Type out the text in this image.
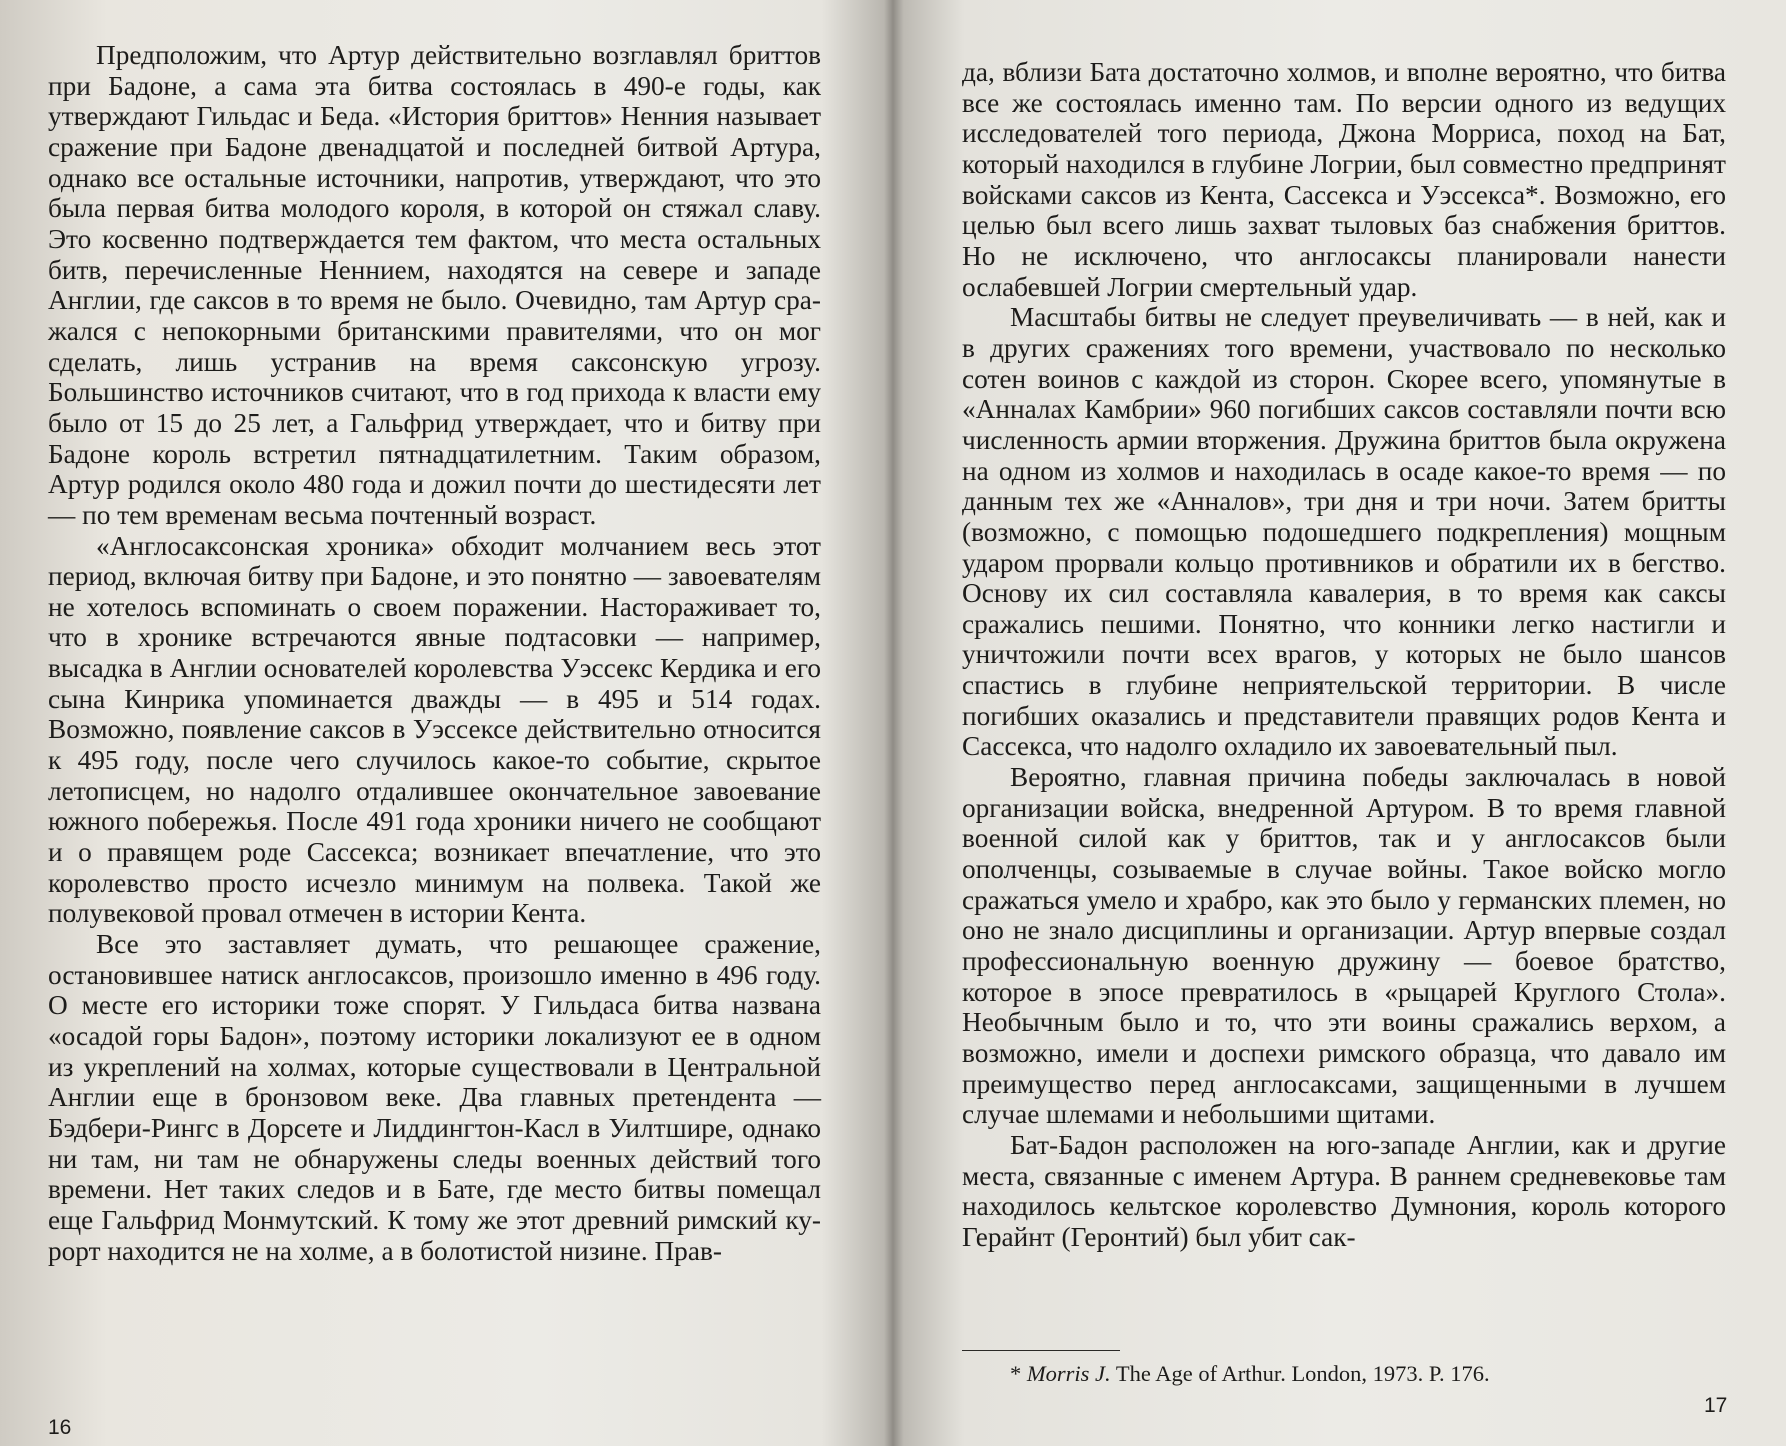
Предположим, что Артур действительно возглавлял бриттов при Бадоне, а сама эта битва состоялась в 490-е годы, как утверждают Гильдас и Беда. «История бриттов» Ненния называет сражение при Бадоне двенадцатой и последней битвой Артура, однако все остальные источники, напротив, утверждают, что это была первая битва молодого короля, в которой он стяжал славу. Это косвенно подтверждается тем фактом, что места остальных битв, перечисленные Неннием, находятся на севере и западе Англии, где саксов в то время не было. Очевидно, там Артур сражался с непокорными британскими правителями, что он мог сделать, лишь устранив на время саксонскую угрозу. Большинство источников считают, что в год прихода к власти ему было от 15 до 25 лет, а Гальфрид утверждает, что и битву при Бадоне король встретил пятнадцатилетним. Таким образом, Артур родился около 480 года и дожил почти до шестидесяти лет — по тем временам весьма почтенный возраст.

«Англосаксонская хроника» обходит молчанием весь этот период, включая битву при Бадоне, и это понятно — завоевателям не хотелось вспоминать о своем поражении. Настораживает то, что в хронике встречаются явные подтасовки — например, высадка в Англии основателей королевства Уэссекс Кердика и его сына Кинрика упоминается дважды — в 495 и 514 годах. Возможно, появление саксов в Уэссексе действительно относится к 495 году, после чего случилось какое-то событие, скрытое летописцем, но надолго отдалившее окончательное завоевание южного побережья. После 491 года хроники ничего не сообщают и о правящем роде Сассекса; возникает впечатление, что это королевство просто исчезло минимум на полвека. Такой же полувековой провал отмечен в истории Кента.

Все это заставляет думать, что решающее сражение, остановившее натиск англосаксов, произошло именно в 496 году. О месте его историки тоже спорят. У Гильдаса битва названа «осадой горы Бадон», поэтому историки локализуют ее в одном из укреплений на холмах, которые существовали в Центральной Англии еще в бронзовом веке. Два главных претендента — Бэдбери-Рингс в Дорсете и Лиддингтон-Касл в Уилтшире, однако ни там, ни там не обнаружены следы военных действий того времени. Нет таких следов и в Бате, где место битвы помещал еще Гальфрид Монмутский. К тому же этот древний римский курорт находится не на холме, а в болотистой низине. Прав-

16

да, вблизи Бата достаточно холмов, и вполне вероятно, что битва все же состоялась именно там. По версии одного из ведущих исследователей того периода, Джона Морриса, поход на Бат, который находился в глубине Логрии, был совместно предпринят войсками саксов из Кента, Сассекса и Уэссекса*. Возможно, его целью был всего лишь захват тыловых баз снабжения бриттов. Но не исключено, что англосаксы планировали нанести ослабевшей Логрии смертельный удар.

Масштабы битвы не следует преувеличивать — в ней, как и в других сражениях того времени, участвовало по несколько сотен воинов с каждой из сторон. Скорее всего, упомянутые в «Анналах Камбрии» 960 погибших саксов составляли почти всю численность армии вторжения. Дружина бриттов была окружена на одном из холмов и находилась в осаде какое-то время — по данным тех же «Анналов», три дня и три ночи. Затем бритты (возможно, с помощью подошедшего подкрепления) мощным ударом прорвали кольцо противников и обратили их в бегство. Основу их сил составляла кавалерия, в то время как саксы сражались пешими. Понятно, что конники легко настигли и уничтожили почти всех врагов, у которых не было шансов спастись в глубине неприятельской территории. В числе погибших оказались и представители правящих родов Кента и Сассекса, что надолго охладило их завоевательный пыл.

Вероятно, главная причина победы заключалась в новой организации войска, внедренной Артуром. В то время главной военной силой как у бриттов, так и у англосаксов были ополченцы, созываемые в случае войны. Такое войско могло сражаться умело и храбро, как это было у германских племен, но оно не знало дисциплины и организации. Артур впервые создал профессиональную военную дружину — боевое братство, которое в эпосе превратилось в «рыцарей Круглого Стола». Необычным было и то, что эти воины сражались верхом, а возможно, имели и доспехи римского образца, что давало им преимущество перед англосаксами, защищенными в лучшем случае шлемами и небольшими щитами.

Бат-Бадон расположен на юго-западе Англии, как и другие места, связанные с именем Артура. В раннем средневековье там находилось кельтское королевство Думнония, король которого Герайнт (Геронтий) был убит сак-

* Morris J. The Age of Arthur. London, 1973. P. 176.
17
